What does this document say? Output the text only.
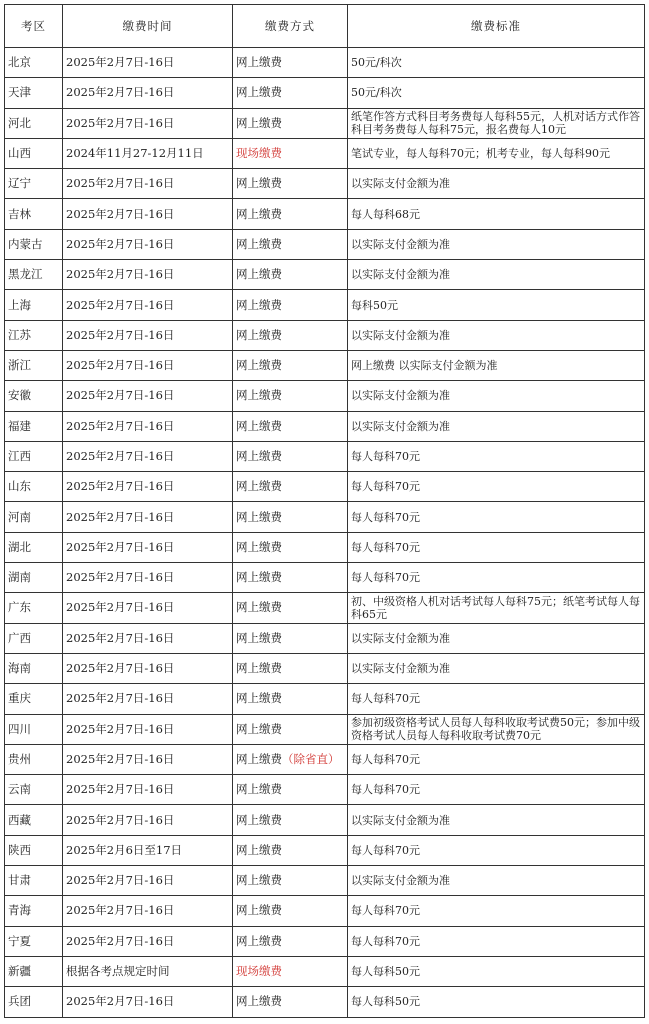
考区	缴费时间	缴费方式	缴费标准
北京	2025年2月7日-16日	网上缴费	50元/科次
天津	2025年2月7日-16日	网上缴费	50元/科次
河北	2025年2月7日-16日	网上缴费	纸笔作答方式科目考务费每人每科55元，人机对话方式作答科目考务费每人每科75元，报名费每人10元
山西	2024年11月27-12月11日	现场缴费	笔试专业，每人每科70元；机考专业，每人每科90元
辽宁	2025年2月7日-16日	网上缴费	以实际支付金额为准
吉林	2025年2月7日-16日	网上缴费	每人每科68元
内蒙古	2025年2月7日-16日	网上缴费	以实际支付金额为准
黑龙江	2025年2月7日-16日	网上缴费	以实际支付金额为准
上海	2025年2月7日-16日	网上缴费	每科50元
江苏	2025年2月7日-16日	网上缴费	以实际支付金额为准
浙江	2025年2月7日-16日	网上缴费	网上缴费 以实际支付金额为准
安徽	2025年2月7日-16日	网上缴费	以实际支付金额为准
福建	2025年2月7日-16日	网上缴费	以实际支付金额为准
江西	2025年2月7日-16日	网上缴费	每人每科70元
山东	2025年2月7日-16日	网上缴费	每人每科70元
河南	2025年2月7日-16日	网上缴费	每人每科70元
湖北	2025年2月7日-16日	网上缴费	每人每科70元
湖南	2025年2月7日-16日	网上缴费	每人每科70元
广东	2025年2月7日-16日	网上缴费	初、中级资格人机对话考试每人每科75元；纸笔考试每人每科65元
广西	2025年2月7日-16日	网上缴费	以实际支付金额为准
海南	2025年2月7日-16日	网上缴费	以实际支付金额为准
重庆	2025年2月7日-16日	网上缴费	每人每科70元
四川	2025年2月7日-16日	网上缴费	参加初级资格考试人员每人每科收取考试费50元；参加中级资格考试人员每人每科收取考试费70元
贵州	2025年2月7日-16日	网上缴费（除省直）	每人每科70元
云南	2025年2月7日-16日	网上缴费	每人每科70元
西藏	2025年2月7日-16日	网上缴费	以实际支付金额为准
陕西	2025年2月6日至17日	网上缴费	每人每科70元
甘肃	2025年2月7日-16日	网上缴费	以实际支付金额为准
青海	2025年2月7日-16日	网上缴费	每人每科70元
宁夏	2025年2月7日-16日	网上缴费	每人每科70元
新疆	根据各考点规定时间	现场缴费	每人每科50元
兵团	2025年2月7日-16日	网上缴费	每人每科50元
